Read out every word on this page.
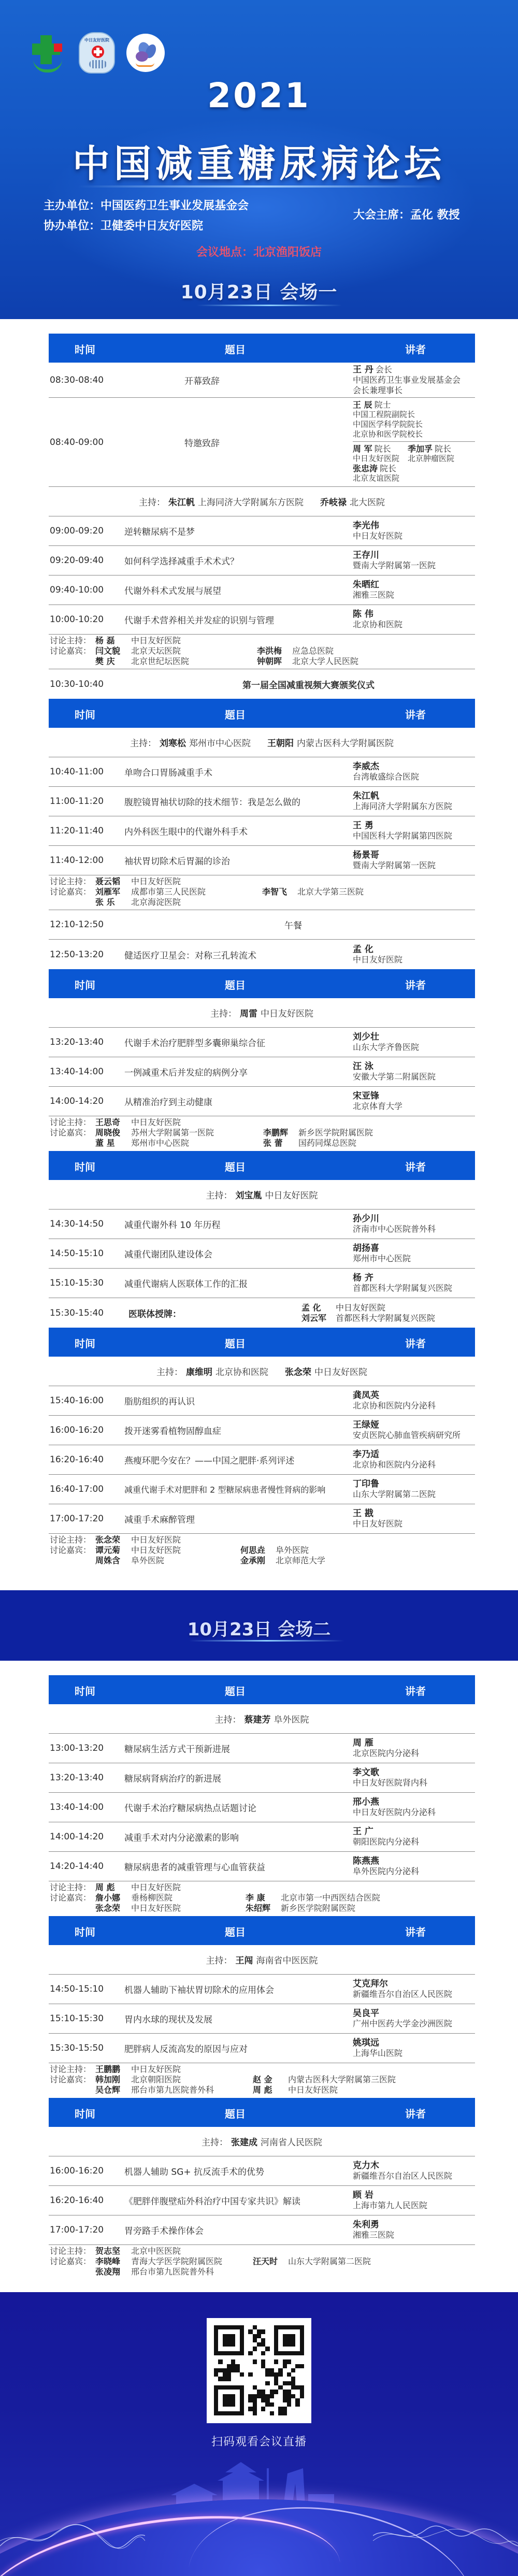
中日友好医院
2021
中国减重糖尿病论坛
主办单位：中国医药卫生事业发展基金会
协办单位：卫健委中日友好医院
大会主席：孟化 教授
会议地点：北京渔阳饭店
10月23日 会场一
时间	题目	讲者
08:30-08:40	开幕致辞
王 丹 会长
中国医药卫生事业发展基金会
会长兼理事长
08:40-09:00	特邀致辞
王 辰 院士
中国工程院副院长
中国医学科学院院长
北京协和医学院校长
周 军 院长
中日友好医院
季加孚 院长
北京肿瘤医院
张忠涛 院长
北京友谊医院
主持： 朱江帆 上海同济大学附属东方医院 乔岐禄 北大医院
09:00-09:20 逆转糖尿病不是梦
李光伟
中日友好医院
09:20-09:40 如何科学选择减重手术术式？
王存川
暨南大学附属第一医院
09:40-10:00 代谢外科术式发展与展望
朱晒红
湘雅三医院
10:00-10:20 代谢手术营养相关并发症的识别与管理
陈 伟
北京协和医院
讨论主持： 杨 磊 中日友好医院
讨论嘉宾： 闫文貌 北京天坛医院	李洪梅 应急总医院
樊 庆 北京世纪坛医院	钟朝晖 北京大学人民医院
10:30-10:40	第一届全国减重视频大赛颁奖仪式
时间	题目	讲者
主持： 刘寒松 郑州市中心医院 王朝阳 内蒙古医科大学附属医院
10:40-11:00 单吻合口胃肠减重手术
李威杰
台湾敏盛综合医院
11:00-11:20 腹腔镜胃袖状切除的技术细节：我是怎么做的
朱江帆
上海同济大学附属东方医院
11:20-11:40 内外科医生眼中的代谢外科手术
王 勇
中国医科大学附属第四医院
11:40-12:00 袖状胃切除术后胃漏的诊治
杨景哥
暨南大学附属第一医院
讨论主持： 聂云韬 中日友好医院
讨论嘉宾： 刘雁军 成都市第三人民医院	李智飞 北京大学第三医院
张 乐 北京海淀医院
12:10-12:50	午餐
12:50-13:20 健适医疗卫星会：对称三孔转流术
孟 化
中日友好医院
时间	题目	讲者
主持： 周雷 中日友好医院
13:20-13:40 代谢手术治疗肥胖型多囊卵巢综合征
刘少壮
山东大学齐鲁医院
13:40-14:00 一例减重术后并发症的病例分享
汪 泳
安徽大学第二附属医院
14:00-14:20 从精准治疗到主动健康
宋亚锋
北京体育大学
讨论主持： 王思奇 中日友好医院
讨论嘉宾： 周晓俊 苏州大学附属第一医院	李鹏辉 新乡医学院附属医院
董 星 郑州市中心医院	张 蕾 国药同煤总医院
时间	题目	讲者
主持： 刘宝胤 中日友好医院
14:30-14:50 减重代谢外科 10 年历程
孙少川
济南市中心医院普外科
14:50-15:10 减重代谢团队建设体会
胡扬喜
郑州市中心医院
15:10-15:30 减重代谢病人医联体工作的汇报
杨 齐
首都医科大学附属复兴医院
15:30-15:40	医联体授牌：
孟 化	中日友好医院
刘云军 首都医科大学附属复兴医院
时间	题目	讲者
主持： 康维明 北京协和医院 张念荣 中日友好医院
15:40-16:00 脂肪组织的再认识
龚凤英
北京协和医院内分泌科
16:00-16:20 拨开迷雾看植物固醇血症
王绿娅
安贞医院心肺血管疾病研究所
16:20-16:40 燕瘦环肥今安在？——中国之肥胖·系列评述
李乃适
北京协和医院内分泌科
16:40-17:00 减重代谢手术对肥胖和 2 型糖尿病患者慢性肾病的影响
丁印鲁
山东大学附属第二医院
17:00-17:20 减重手术麻醉管理
王 戡
中日友好医院
讨论主持： 张念荣 中日友好医院
讨论嘉宾： 谭元菊 中日友好医院	何思垚 阜外医院
周姝含 阜外医院	金承刚 北京师范大学
10月23日 会场二
时间	题目	讲者
主持： 蔡建芳 阜外医院
13:00-13:20 糖尿病生活方式干预新进展
周 雁
北京医院内分泌科
13:20-13:40 糖尿病肾病治疗的新进展
李文歌
中日友好医院肾内科
13:40-14:00 代谢手术治疗糖尿病热点话题讨论
邢小燕
中日友好医院内分泌科
14:00-14:20 减重手术对内分泌激素的影响
王 广
朝阳医院内分泌科
14:20-14:40 糖尿病患者的减重管理与心血管获益
陈燕燕
阜外医院内分泌科
讨论主持： 周 彪 中日友好医院
讨论嘉宾： 詹小娜 垂杨柳医院	李 康 北京市第一中西医结合医院
张念荣 中日友好医院	朱绍辉 新乡医学院附属医院
时间	题目	讲者
主持： 王闯 海南省中医医院
14:50-15:10 机器人辅助下袖状胃切除术的应用体会
艾克拜尔
新疆维吾尔自治区人民医院
15:10-15:30 胃内水球的现状及发展
吴良平
广州中医药大学金沙洲医院
15:30-15:50 肥胖病人反流高发的原因与应对
姚琪远
上海华山医院
讨论主持： 王鹏鹏 中日友好医院
讨论嘉宾： 韩加刚 北京朝阳医院	赵 金 内蒙古医科大学附属第三医院
吴仓辉 邢台市第九医院普外科	周 彪 中日友好医院
时间	题目	讲者
主持： 张建成 河南省人民医院
16:00-16:20 机器人辅助 SG+ 抗反流手术的优势
克力木
新疆维吾尔自治区人民医院
16:20-16:40 《肥胖伴腹壁疝外科治疗中国专家共识》解读
顾 岩
上海市第九人民医院
17:00-17:20 胃旁路手术操作体会
朱利勇
湘雅三医院
讨论主持： 贺志坚 北京中医医院
讨论嘉宾： 李晓峰 青海大学医学院附属医院	汪天时 山东大学附属第二医院
张凌翔 邢台市第九医院普外科
扫码观看会议直播
